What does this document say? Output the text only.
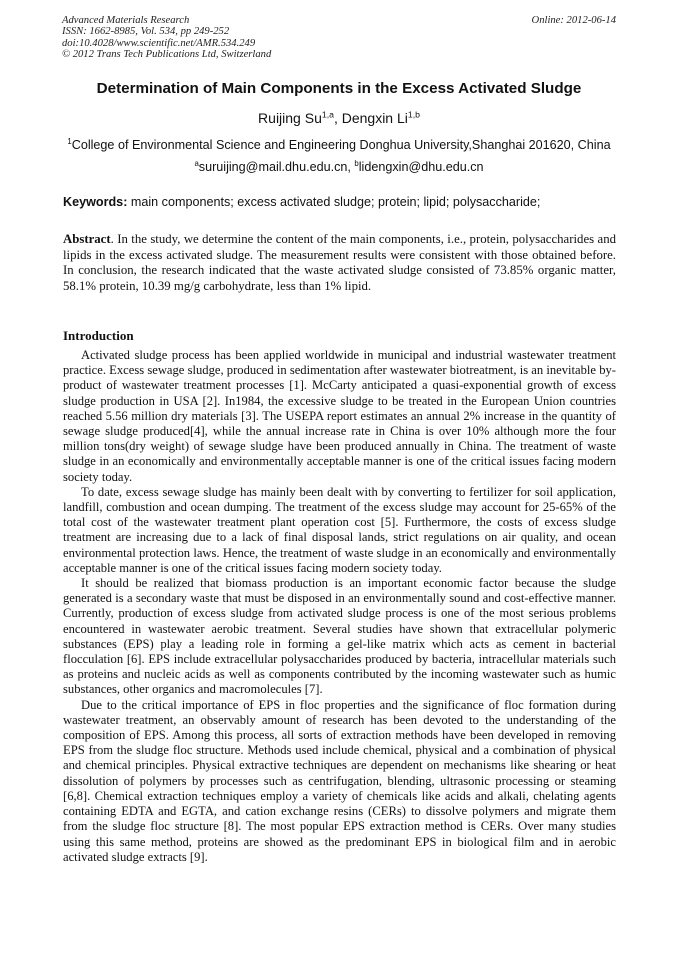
Advanced Materials Research
ISSN: 1662-8985, Vol. 534, pp 249-252
doi:10.4028/www.scientific.net/AMR.534.249
© 2012 Trans Tech Publications Ltd, Switzerland
Online: 2012-06-14
Determination of Main Components in the Excess Activated Sludge
Ruijing Su$^{1,a}$, Dengxin Li$^{1,b}$
$^1$College of Environmental Science and Engineering Donghua University,Shanghai 201620, China
$^a$suruijing@mail.dhu.edu.cn, $^b$lidengxin@dhu.edu.cn
Keywords: main components; excess activated sludge; protein; lipid; polysaccharide;
Abstract. In the study, we determine the content of the main components, i.e., protein, polysaccharides and lipids in the excess activated sludge. The measurement results were consistent with those obtained before. In conclusion, the research indicated that the waste activated sludge consisted of 73.85% organic matter, 58.1% protein, 10.39 mg/g carbohydrate, less than 1% lipid.
Introduction

Activated sludge process has been applied worldwide in municipal and industrial wastewater treatment practice. Excess sewage sludge, produced in sedimentation after wastewater biotreatment, is an inevitable by-product of wastewater treatment processes [1]. McCarty anticipated a quasi-exponential growth of excess sludge production in USA [2]. In1984, the excessive sludge to be treated in the European Union countries reached 5.56 million dry materials [3]. The USEPA report estimates an annual 2% increase in the quantity of sewage sludge produced[4], while the annual increase rate in China is over 10% although more the four million tons(dry weight) of sewage sludge have been produced annually in China. The treatment of waste sludge in an economically and environmentally acceptable manner is one of the critical issues facing modern society today.

To date, excess sewage sludge has mainly been dealt with by converting to fertilizer for soil application, landfill, combustion and ocean dumping. The treatment of the excess sludge may account for 25-65% of the total cost of the wastewater treatment plant operation cost [5]. Furthermore, the costs of excess sludge treatment are increasing due to a lack of final disposal lands, strict regulations on air quality, and ocean environmental protection laws. Hence, the treatment of waste sludge in an economically and environmentally acceptable manner is one of the critical issues facing modern society today.

It should be realized that biomass production is an important economic factor because the sludge generated is a secondary waste that must be disposed in an environmentally sound and cost-effective manner. Currently, production of excess sludge from activated sludge process is one of the most serious problems encountered in wastewater aerobic treatment. Several studies have shown that extracellular polymeric substances (EPS) play a leading role in forming a gel-like matrix which acts as cement in bacterial flocculation [6]. EPS include extracellular polysaccharides produced by bacteria, intracellular materials such as proteins and nucleic acids as well as components contributed by the incoming wastewater such as humic substances, other organics and macromolecules [7].

Due to the critical importance of EPS in floc properties and the significance of floc formation during wastewater treatment, an observably amount of research has been devoted to the understanding of the composition of EPS. Among this process, all sorts of extraction methods have been developed in removing EPS from the sludge floc structure. Methods used include chemical, physical and a combination of physical and chemical principles. Physical extractive techniques are dependent on mechanisms like shearing or heat dissolution of polymers by processes such as centrifugation, blending, ultrasonic processing or steaming [6,8]. Chemical extraction techniques employ a variety of chemicals like acids and alkali, chelating agents containing EDTA and EGTA, and cation exchange resins (CERs) to dissolve polymers and migrate them from the sludge floc structure [8]. The most popular EPS extraction method is CERs. Over many studies using this same method, proteins are showed as the predominant EPS in biological film and in aerobic activated sludge extracts [9].
